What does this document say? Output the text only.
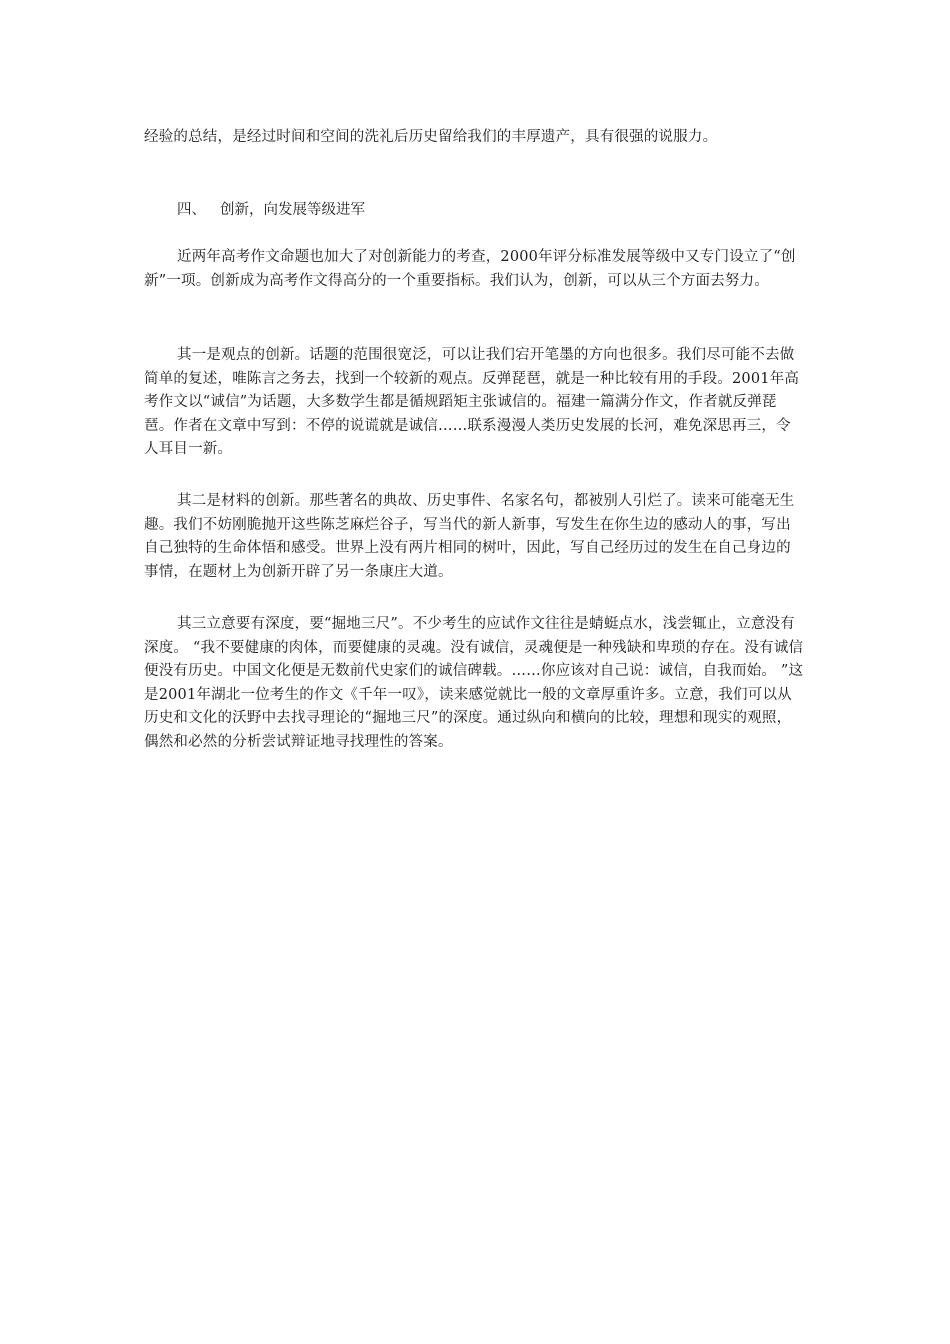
经验的总结，是经过时间和空间的洗礼后历史留给我们的丰厚遗产，具有很强的说服力。
四、 创新，向发展等级进军

近两年高考作文命题也加大了对创新能力的考查，2000年评分标准发展等级中又专门设立了“创新”一项。创新成为高考作文得高分的一个重要指标。我们认为，创新，可以从三个方面去努力。

其一是观点的创新。话题的范围很宽泛，可以让我们宕开笔墨的方向也很多。我们尽可能不去做简单的复述，唯陈言之务去，找到一个较新的观点。反弹琵琶，就是一种比较有用的手段。2001年高考作文以“诚信”为话题，大多数学生都是循规蹈矩主张诚信的。福建一篇满分作文，作者就反弹琵琶。作者在文章中写到：不停的说谎就是诚信……联系漫漫人类历史发展的长河，难免深思再三，令人耳目一新。

其二是材料的创新。那些著名的典故、历史事件、名家名句，都被别人引烂了。读来可能毫无生趣。我们不妨刚脆抛开这些陈芝麻烂谷子，写当代的新人新事，写发生在你生边的感动人的事，写出自己独特的生命体悟和感受。世界上没有两片相同的树叶，因此，写自己经历过的发生在自己身边的事情，在题材上为创新开辟了另一条康庄大道。

其三立意要有深度，要“掘地三尺”。不少考生的应试作文往往是蜻蜓点水，浅尝辄止，立意没有深度。 “我不要健康的肉体，而要健康的灵魂。没有诚信，灵魂便是一种残缺和卑琐的存在。没有诚信便没有历史。中国文化便是无数前代史家们的诚信碑载。……你应该对自己说：诚信，自我而始。 ”这是2001年湖北一位考生的作文《千年一叹》，读来感觉就比一般的文章厚重许多。立意，我们可以从历史和文化的沃野中去找寻理论的“掘地三尺”的深度。通过纵向和横向的比较，理想和现实的观照，偶然和必然的分析尝试辩证地寻找理性的答案。
